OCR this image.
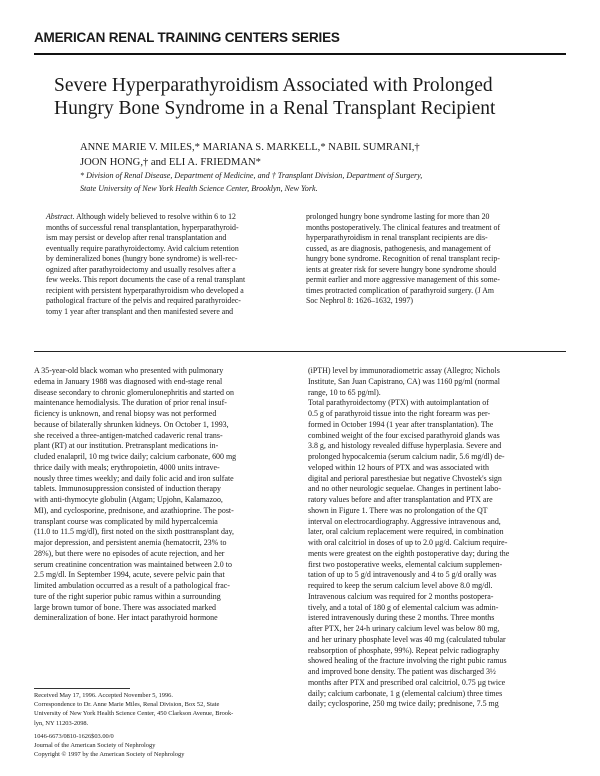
AMERICAN RENAL TRAINING CENTERS SERIES
Severe Hyperparathyroidism Associated with Prolonged Hungry Bone Syndrome in a Renal Transplant Recipient
ANNE MARIE V. MILES,* MARIANA S. MARKELL,* NABIL SUMRANI,†
JOON HONG,† and ELI A. FRIEDMAN*
* Division of Renal Disease, Department of Medicine, and † Transplant Division, Department of Surgery,
State University of New York Health Science Center, Brooklyn, New York.
Abstract. Although widely believed to resolve within 6 to 12
months of successful renal transplantation, hyperparathyroid-
ism may persist or develop after renal transplantation and
eventually require parathyroidectomy. Avid calcium retention
by demineralized bones (hungry bone syndrome) is well-rec-
ognized after parathyroidectomy and usually resolves after a
few weeks. This report documents the case of a renal transplant
recipient with persistent hyperparathyroidism who developed a
pathological fracture of the pelvis and required parathyroidec-
tomy 1 year after transplant and then manifested severe and
prolonged hungry bone syndrome lasting for more than 20
months postoperatively. The clinical features and treatment of
hyperparathyroidism in renal transplant recipients are dis-
cussed, as are diagnosis, pathogenesis, and management of
hungry bone syndrome. Recognition of renal transplant recip-
ients at greater risk for severe hungry bone syndrome should
permit earlier and more aggressive management of this some-
times protracted complication of parathyroid surgery. (J Am
Soc Nephrol 8: 1626–1632, 1997)
A 35-year-old black woman who presented with pulmonary
edema in January 1988 was diagnosed with end-stage renal
disease secondary to chronic glomerulonephritis and started on
maintenance hemodialysis. The duration of prior renal insuf-
ficiency is unknown, and renal biopsy was not performed
because of bilaterally shrunken kidneys. On October 1, 1993,
she received a three-antigen-matched cadaveric renal trans-
plant (RT) at our institution. Pretransplant medications in-
cluded enalapril, 10 mg twice daily; calcium carbonate, 600 mg
thrice daily with meals; erythropoietin, 4000 units intrave-
nously three times weekly; and daily folic acid and iron sulfate
tablets. Immunosuppression consisted of induction therapy
with anti-thymocyte globulin (Atgam; Upjohn, Kalamazoo,
MI), and cyclosporine, prednisone, and azathioprine. The post-
transplant course was complicated by mild hypercalcemia
(11.0 to 11.5 mg/dl), first noted on the sixth posttransplant day,
major depression, and persistent anemia (hematocrit, 23% to
28%), but there were no episodes of acute rejection, and her
serum creatinine concentration was maintained between 2.0 to
2.5 mg/dl. In September 1994, acute, severe pelvic pain that
limited ambulation occurred as a result of a pathological frac-
ture of the right superior pubic ramus within a surrounding
large brown tumor of bone. There was associated marked
demineralization of bone. Her intact parathyroid hormone
(iPTH) level by immunoradiometric assay (Allegro; Nichols
Institute, San Juan Capistrano, CA) was 1160 pg/ml (normal
range, 10 to 65 pg/ml).
Total parathyroidectomy (PTX) with autoimplantation of
0.5 g of parathyroid tissue into the right forearm was per-
formed in October 1994 (1 year after transplantation). The
combined weight of the four excised parathyroid glands was
3.8 g, and histology revealed diffuse hyperplasia. Severe and
prolonged hypocalcemia (serum calcium nadir, 5.6 mg/dl) de-
veloped within 12 hours of PTX and was associated with
digital and perioral paresthesiae but negative Chvostek's sign
and no other neurologic sequelae. Changes in pertinent labo-
ratory values before and after transplantation and PTX are
shown in Figure 1. There was no prolongation of the QT
interval on electrocardiography. Aggressive intravenous and,
later, oral calcium replacement were required, in combination
with oral calcitriol in doses of up to 2.0 μg/d. Calcium require-
ments were greatest on the eighth postoperative day; during the
first two postoperative weeks, elemental calcium supplemen-
tation of up to 5 g/d intravenously and 4 to 5 g/d orally was
required to keep the serum calcium level above 8.0 mg/dl.
Intravenous calcium was required for 2 months postopera-
tively, and a total of 180 g of elemental calcium was admin-
istered intravenously during these 2 months. Three months
after PTX, her 24-h urinary calcium level was below 80 mg,
and her urinary phosphate level was 40 mg (calculated tubular
reabsorption of phosphate, 99%). Repeat pelvic radiography
showed healing of the fracture involving the right pubic ramus
and improved bone density. The patient was discharged 3½
months after PTX and prescribed oral calcitriol, 0.75 μg twice
daily; calcium carbonate, 1 g (elemental calcium) three times
daily; cyclosporine, 250 mg twice daily; prednisone, 7.5 mg
Received May 17, 1996. Accepted November 5, 1996.
Correspondence to Dr. Anne Marie Miles, Renal Division, Box 52, State
University of New York Health Science Center, 450 Clarkson Avenue, Brook-
lyn, NY 11203-2098.
1046-6673/0810-1626$03.00/0
Journal of the American Society of Nephrology
Copyright © 1997 by the American Society of Nephrology
